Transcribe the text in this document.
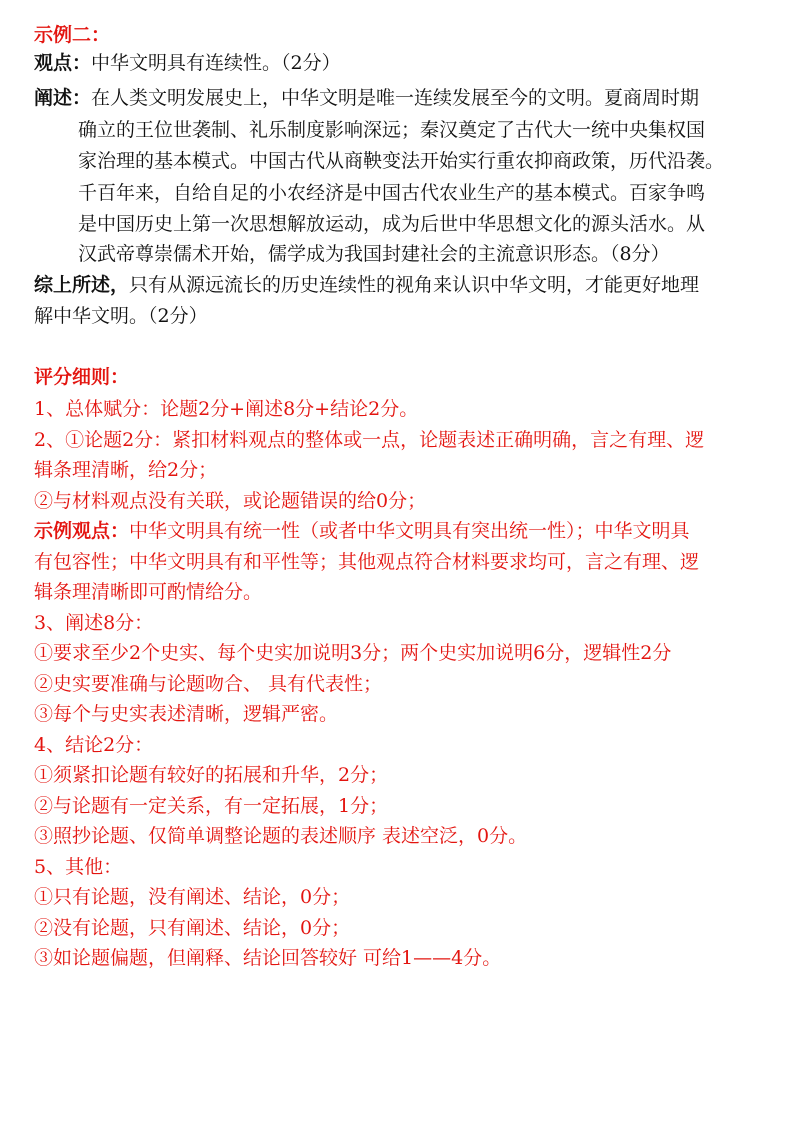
示例二：
观点：中华文明具有连续性。（2分）
阐述：在人类文明发展史上，中华文明是唯一连续发展至今的文明。夏商周时期
确立的王位世袭制、礼乐制度影响深远；秦汉奠定了古代大一统中央集权国
家治理的基本模式。中国古代从商鞅变法开始实行重农抑商政策，历代沿袭。
千百年来，自给自足的小农经济是中国古代农业生产的基本模式。百家争鸣
是中国历史上第一次思想解放运动，成为后世中华思想文化的源头活水。从
汉武帝尊崇儒术开始，儒学成为我国封建社会的主流意识形态。（8分）
综上所述，只有从源远流长的历史连续性的视角来认识中华文明，才能更好地理
解中华文明。（2分）
评分细则：
1、总体赋分：论题2分+阐述8分+结论2分。
2、①论题2分：紧扣材料观点的整体或一点，论题表述正确明确，言之有理、逻
辑条理清晰，给2分；
②与材料观点没有关联，或论题错误的给0分；
示例观点：中华文明具有统一性（或者中华文明具有突出统一性）；中华文明具
有包容性；中华文明具有和平性等；其他观点符合材料要求均可，言之有理、逻
辑条理清晰即可酌情给分。
3、阐述8分：
①要求至少2个史实、每个史实加说明3分；两个史实加说明6分，逻辑性2分
②史实要准确与论题吻合、 具有代表性；
③每个与史实表述清晰，逻辑严密。
4、结论2分：
①须紧扣论题有较好的拓展和升华，2分；
②与论题有一定关系，有一定拓展，1分；
③照抄论题、仅简单调整论题的表述顺序 表述空泛，0分。
5、其他：
①只有论题，没有阐述、结论，0分；
②没有论题，只有阐述、结论，0分；
③如论题偏题，但阐释、结论回答较好 可给1——4分。
